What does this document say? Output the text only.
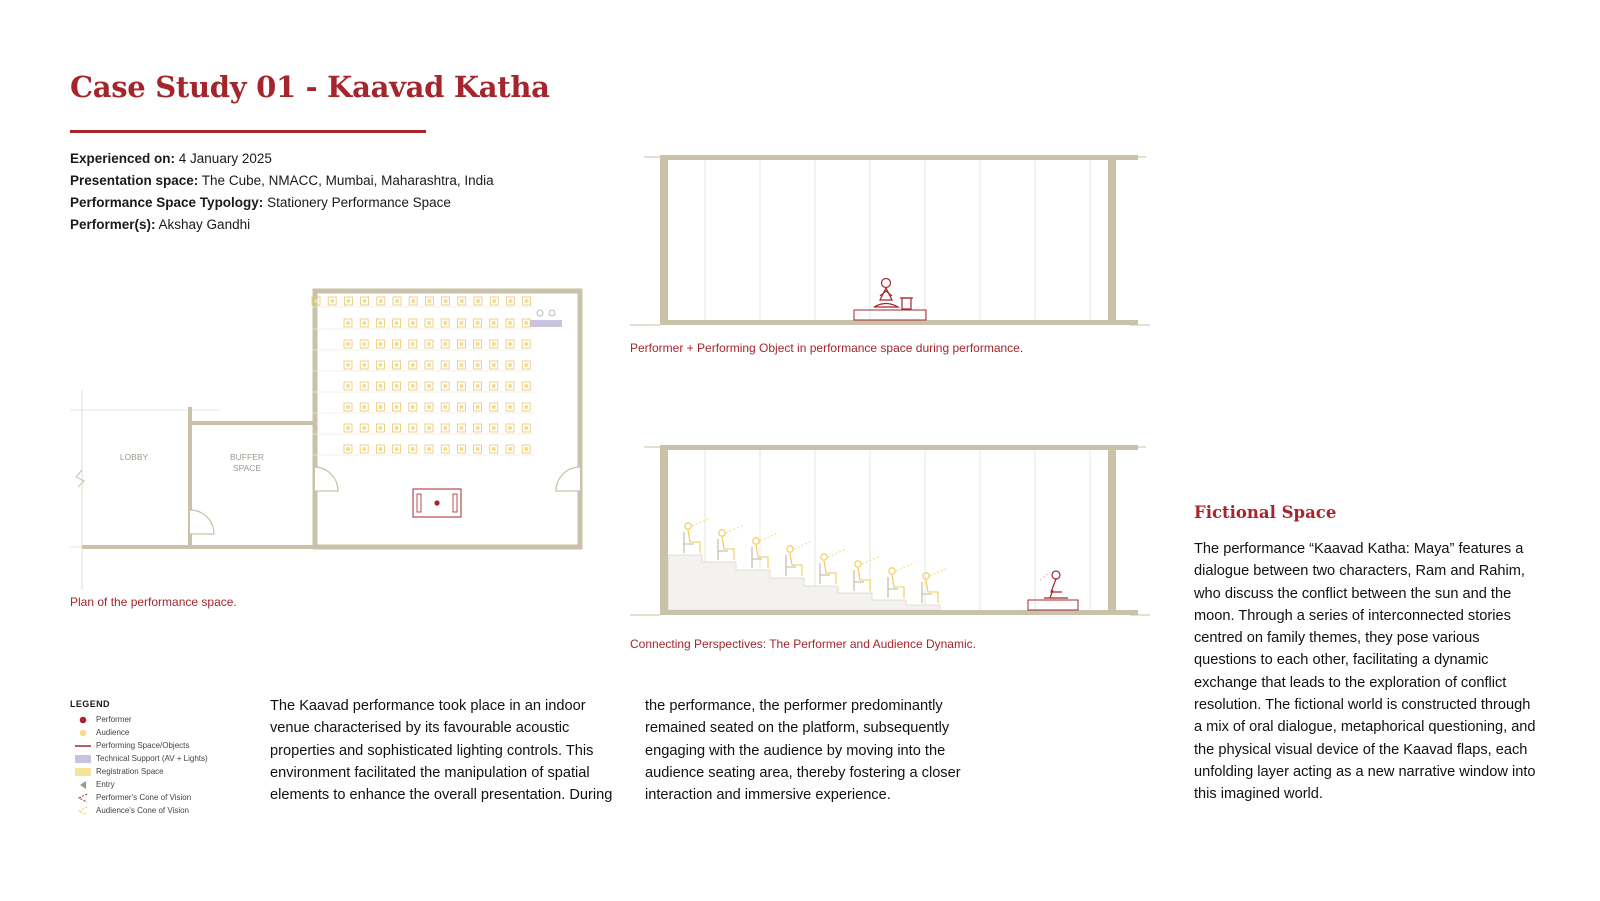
Case Study 01 - Kaavad Katha
Experienced on: 4 January 2025
Presentation space: The Cube, NMACC, Mumbai, Maharashtra, India
Performance Space Typology: Stationery Performance Space
Performer(s): Akshay Gandhi
LOBBY	BUFFER
SPACE
Plan of the performance space.
Performer + Performing Object in performance space during performance.
Connecting Perspectives: The Performer and Audience Dynamic.
LEGEND
Performer
Audience
Performing Space/Objects
Technical Support (AV + Lights)
Registration Space
Entry
Performer's Cone of Vision
Audience's Cone of Vision
The Kaavad performance took place in an indoor venue characterised by its favourable acoustic properties and sophisticated lighting controls. This environment facilitated the manipulation of spatial elements to enhance the overall presentation. During
the performance, the performer predominantly remained seated on the platform, subsequently engaging with the audience by moving into the audience seating area, thereby fostering a closer interaction and immersive experience.
Fictional Space
The performance “Kaavad Katha: Maya” features a dialogue between two characters, Ram and Rahim, who discuss the conflict between the sun and the moon. Through a series of interconnected stories centred on family themes, they pose various questions to each other, facilitating a dynamic exchange that leads to the exploration of conflict resolution. The fictional world is constructed through a mix of oral dialogue, metaphorical questioning, and the physical visual device of the Kaavad flaps, each unfolding layer acting as a new narrative window into this imagined world.
